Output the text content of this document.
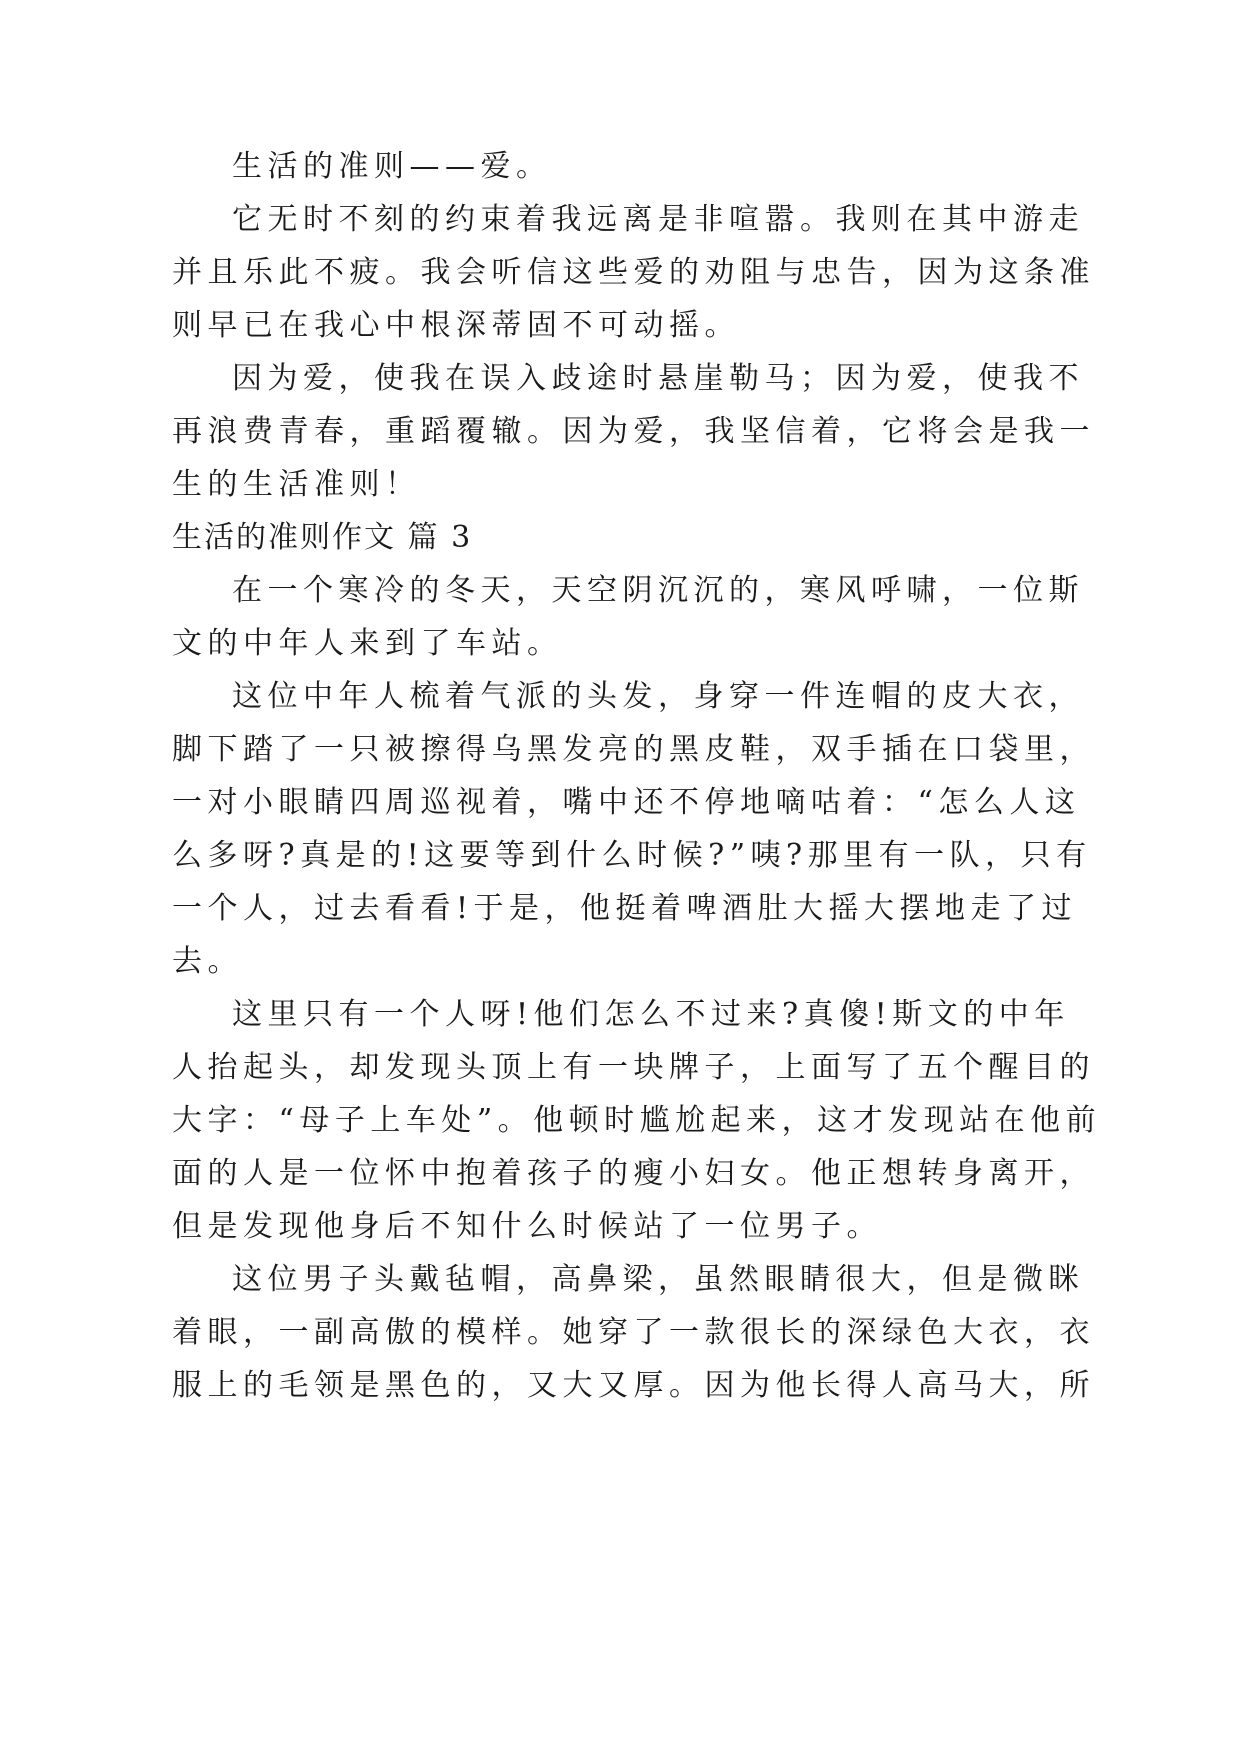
生活的准则——爱。
它无时不刻的约束着我远离是非喧嚣。我则在其中游走
并且乐此不疲。我会听信这些爱的劝阻与忠告，因为这条准
则早已在我心中根深蒂固不可动摇。
因为爱，使我在误入歧途时悬崖勒马；因为爱，使我不
再浪费青春，重蹈覆辙。因为爱，我坚信着，它将会是我一
生的生活准则！
生活的准则作文 篇 3
在一个寒冷的冬天，天空阴沉沉的，寒风呼啸，一位斯
文的中年人来到了车站。
这位中年人梳着气派的头发，身穿一件连帽的皮大衣，
脚下踏了一只被擦得乌黑发亮的黑皮鞋，双手插在口袋里，
一对小眼睛四周巡视着，嘴中还不停地嘀咕着：“怎么人这
么多呀?真是的!这要等到什么时候?”咦?那里有一队，只有
一个人，过去看看!于是，他挺着啤酒肚大摇大摆地走了过
去。
这里只有一个人呀!他们怎么不过来?真傻!斯文的中年
人抬起头，却发现头顶上有一块牌子，上面写了五个醒目的
大字：“母子上车处”。他顿时尴尬起来，这才发现站在他前
面的人是一位怀中抱着孩子的瘦小妇女。他正想转身离开，
但是发现他身后不知什么时候站了一位男子。
这位男子头戴毡帽，高鼻梁，虽然眼睛很大，但是微眯
着眼，一副高傲的模样。她穿了一款很长的深绿色大衣，衣
服上的毛领是黑色的，又大又厚。因为他长得人高马大，所
